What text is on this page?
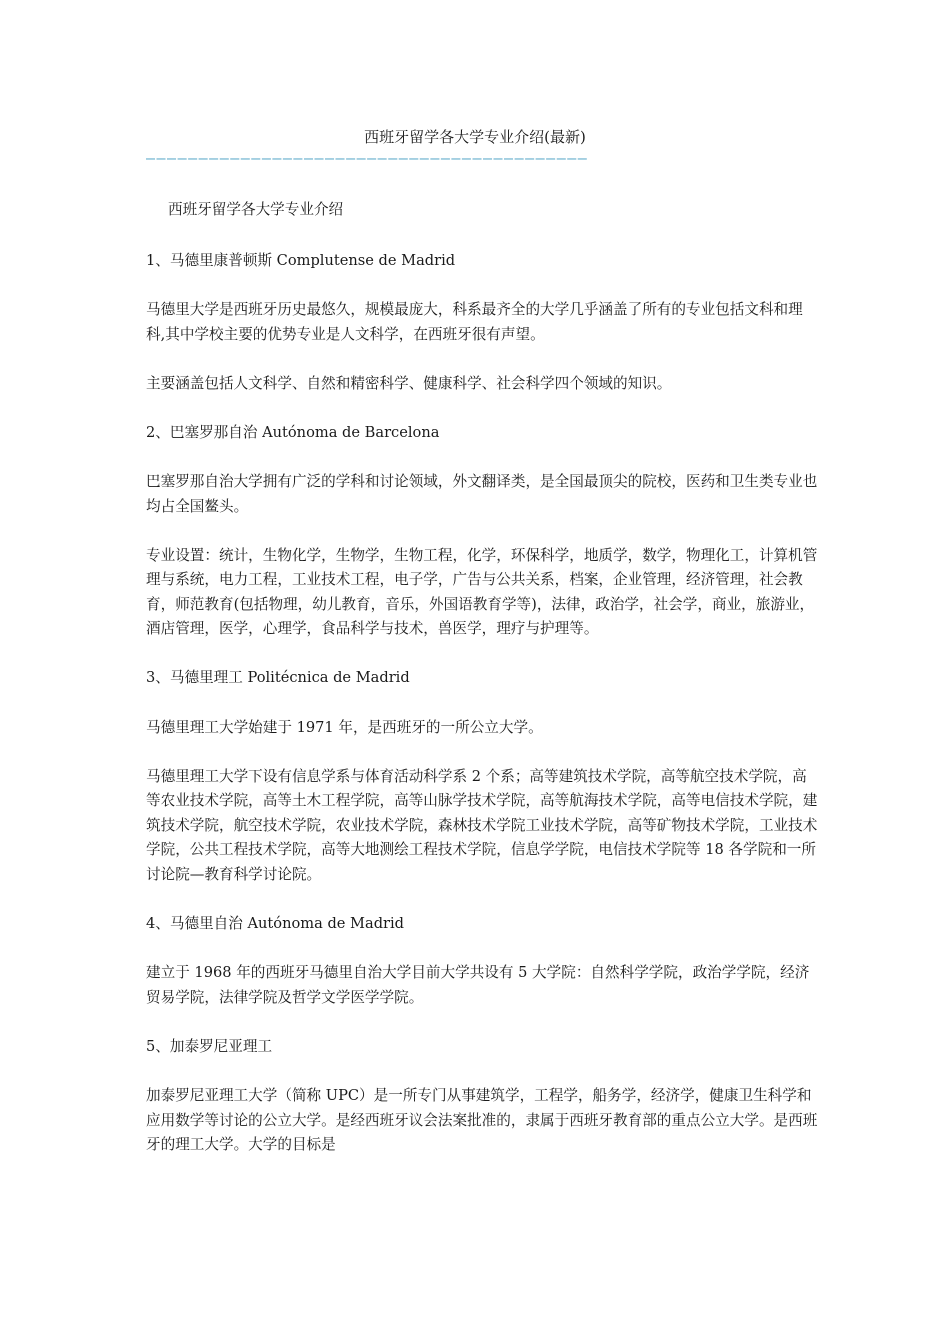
西班牙留学各大学专业介绍(最新)
——————————————————————————————————————————

西班牙留学各大学专业介绍

1、马德里康普顿斯 Complutense de Madrid

马德里大学是西班牙历史最悠久，规模最庞大，科系最齐全的大学几乎涵盖了所有的专业包括文科和理科,其中学校主要的优势专业是人文科学，在西班牙很有声望。

主要涵盖包括人文科学、自然和精密科学、健康科学、社会科学四个领域的知识。

2、巴塞罗那自治 Autónoma de Barcelona

巴塞罗那自治大学拥有广泛的学科和讨论领域，外文翻译类，是全国最顶尖的院校，医药和卫生类专业也均占全国鳌头。

专业设置：统计，生物化学，生物学，生物工程，化学，环保科学，地质学，数学，物理化工，计算机管理与系统，电力工程，工业技术工程，电子学，广告与公共关系，档案，企业管理，经济管理，社会教育，师范教育(包括物理，幼儿教育，音乐，外国语教育学等)，法律，政治学，社会学，商业，旅游业，酒店管理，医学，心理学，食品科学与技术，兽医学，理疗与护理等。

3、马德里理工 Politécnica de Madrid

马德里理工大学始建于 1971 年，是西班牙的一所公立大学。

马德里理工大学下设有信息学系与体育活动科学系 2 个系；高等建筑技术学院，高等航空技术学院，高等农业技术学院，高等土木工程学院，高等山脉学技术学院，高等航海技术学院，高等电信技术学院，建筑技术学院，航空技术学院，农业技术学院，森林技术学院工业技术学院，高等矿物技术学院，工业技术学院，公共工程技术学院，高等大地测绘工程技术学院，信息学学院，电信技术学院等 18 各学院和一所讨论院—教育科学讨论院。

4、马德里自治 Autónoma de Madrid

建立于 1968 年的西班牙马德里自治大学目前大学共设有 5 大学院：自然科学学院，政治学学院，经济贸易学院，法律学院及哲学文学医学学院。

5、加泰罗尼亚理工

加泰罗尼亚理工大学（简称 UPC）是一所专门从事建筑学，工程学，船务学，经济学，健康卫生科学和应用数学等讨论的公立大学。是经西班牙议会法案批准的，隶属于西班牙教育部的重点公立大学。是西班牙的理工大学。大学的目标是
